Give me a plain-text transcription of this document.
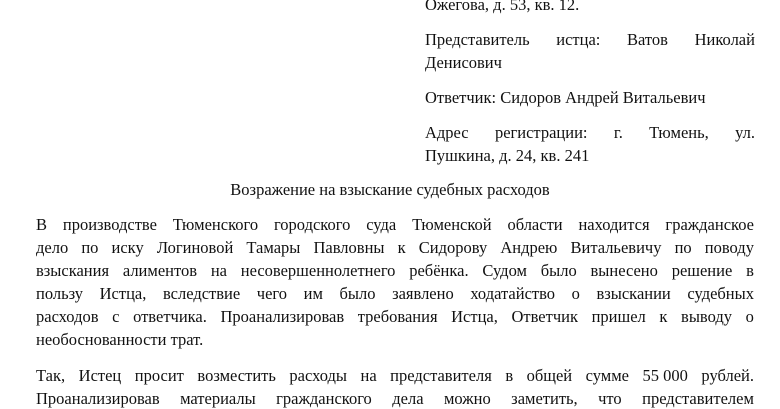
Ожегова, д. 53, кв. 12.
Представитель истца: Ватов Николай
Денисович
Ответчик: Сидоров Андрей Витальевич
Адрес регистрации: г. Тюмень, ул.
Пушкина, д. 24, кв. 241
Возражение на взыскание судебных расходов
В производстве Тюменского городского суда Тюменской области находится гражданское
дело по иску Логиновой Тамары Павловны к Сидорову Андрею Витальевичу по поводу
взыскания алиментов на несовершеннолетнего ребёнка. Судом было вынесено решение в
пользу Истца, вследствие чего им было заявлено ходатайство о взыскании судебных
расходов с ответчика. Проанализировав требования Истца, Ответчик пришел к выводу о
необоснованности трат.
Так, Истец просит возместить расходы на представителя в общей сумме 55 000 рублей.
Проанализировав материалы гражданского дела можно заметить, что представителем
